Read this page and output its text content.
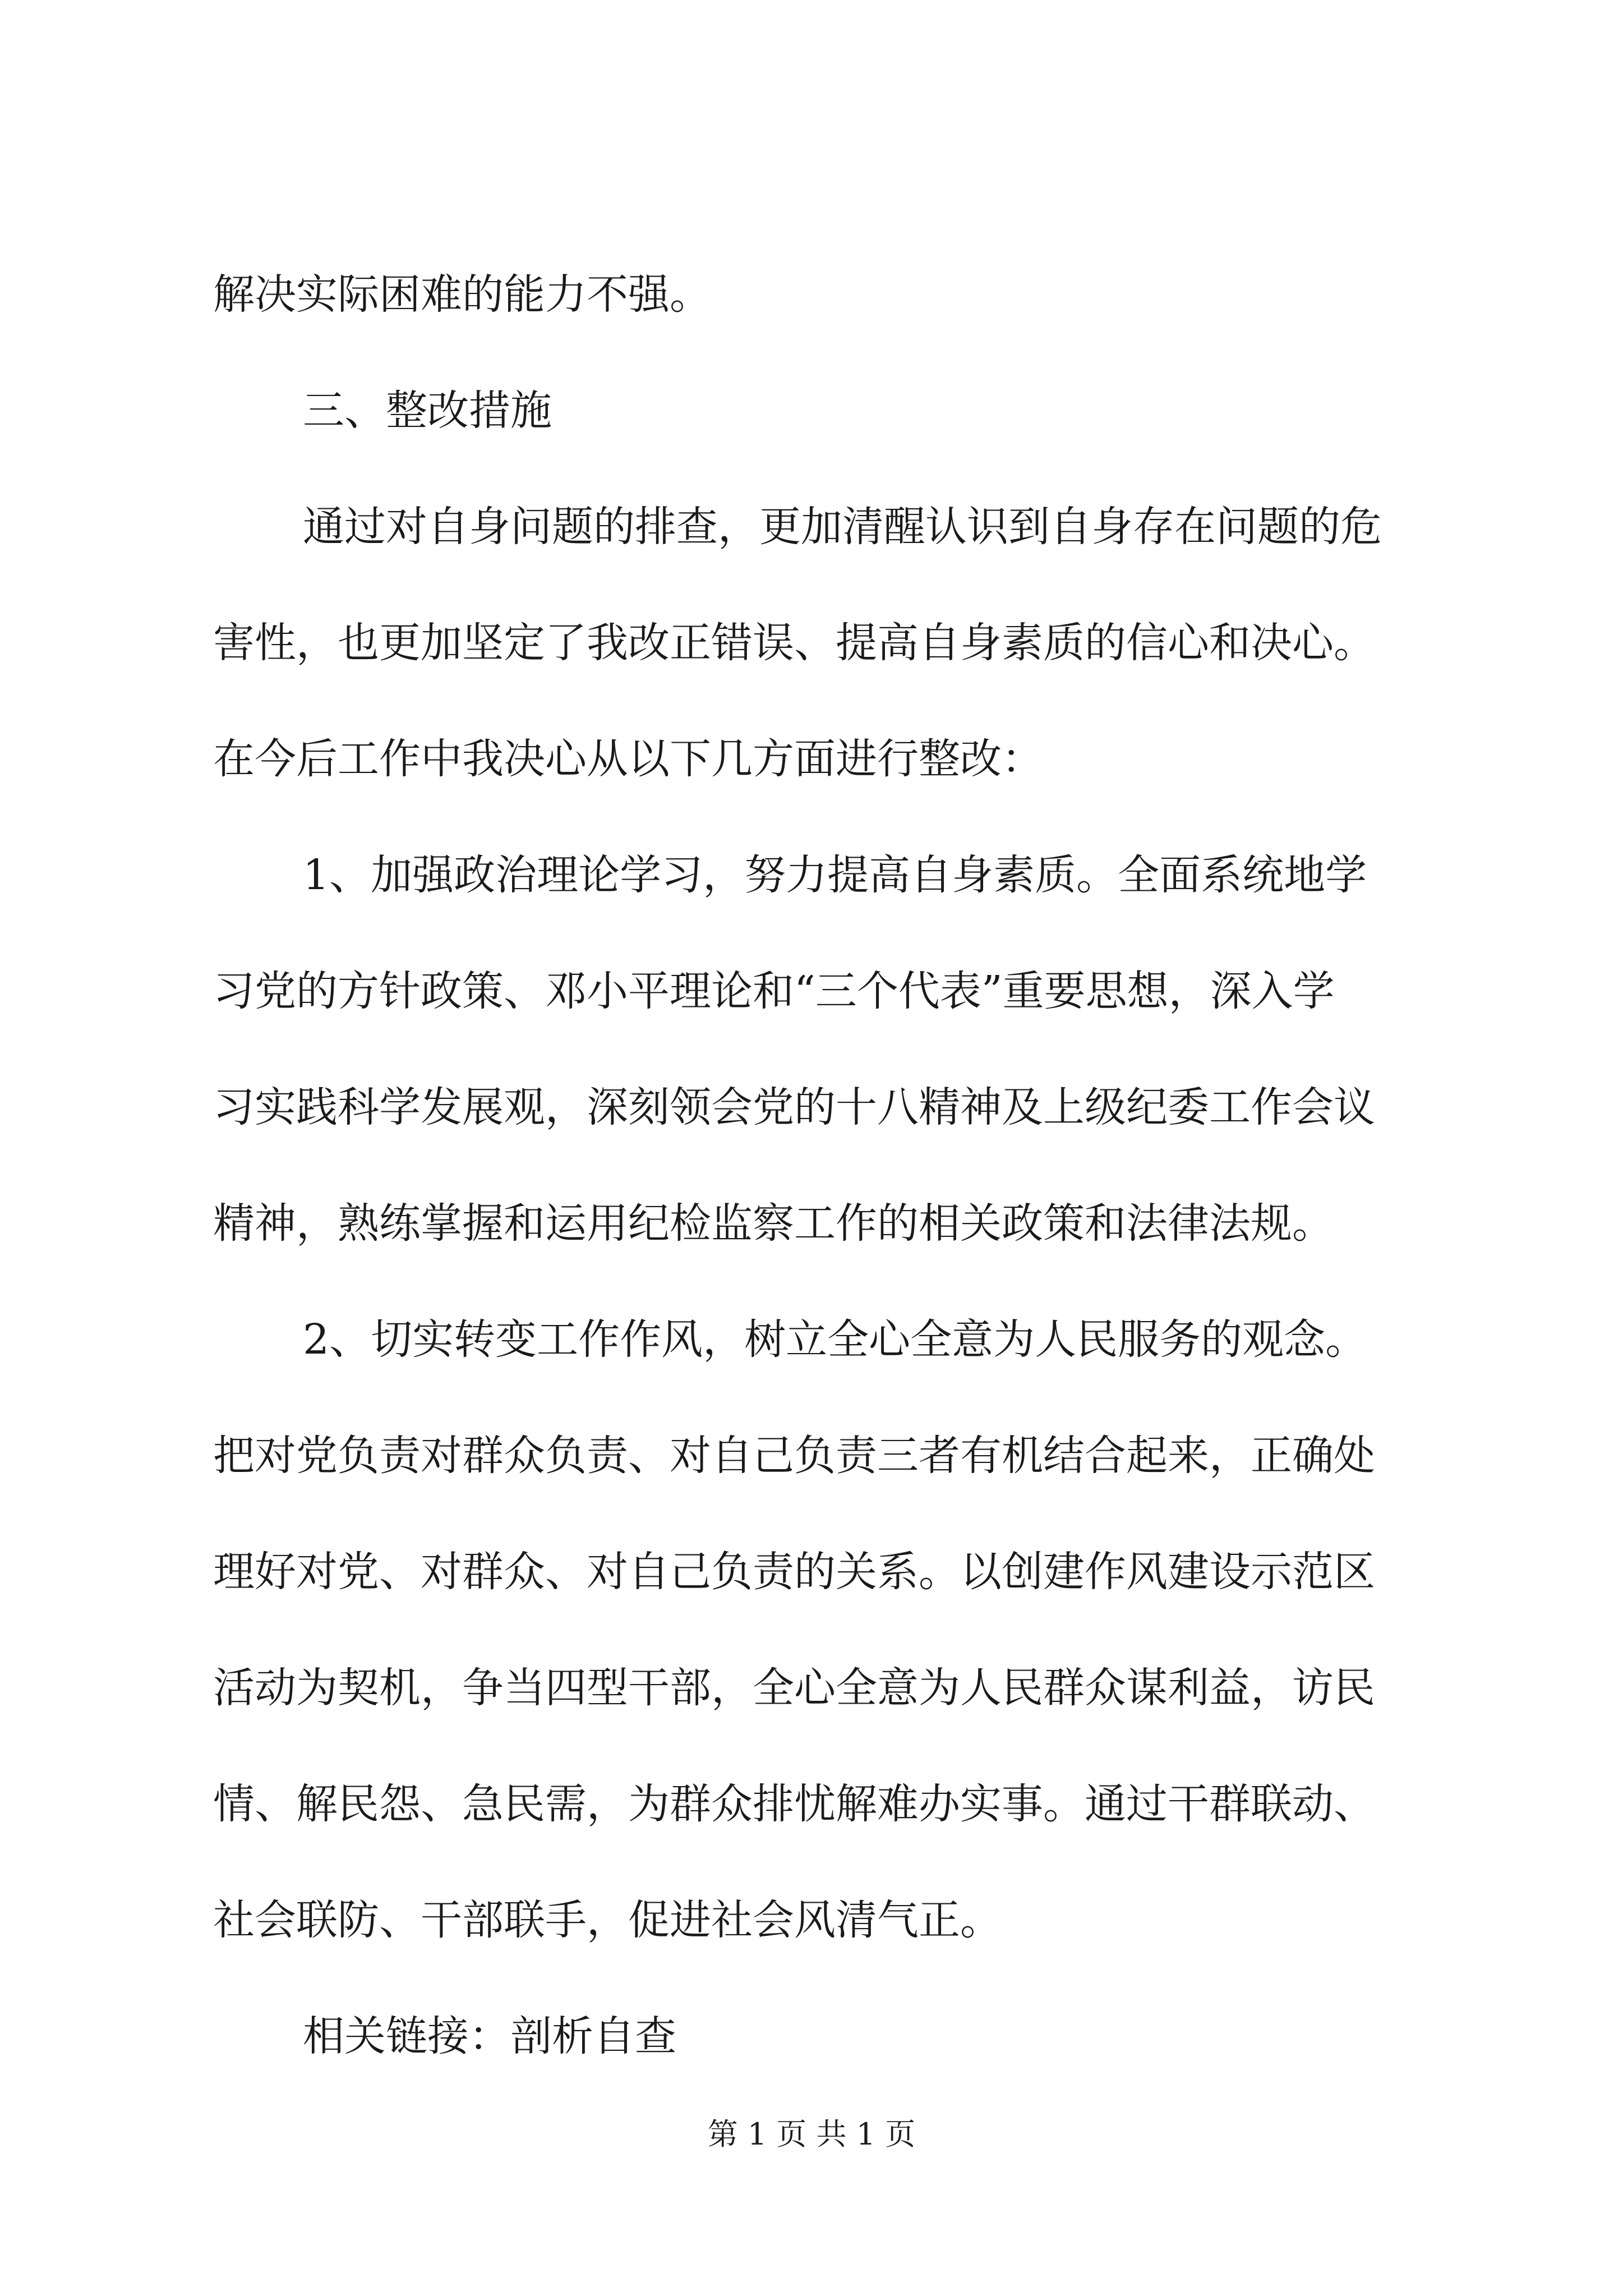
解决实际困难的能力不强。
三、整改措施
通过对自身问题的排查，更加清醒认识到自身存在问题的危
害性，也更加坚定了我改正错误、提高自身素质的信心和决心。
在今后工作中我决心从以下几方面进行整改：
1、加强政治理论学习，努力提高自身素质。全面系统地学
习党的方针政策、邓小平理论和“三个代表”重要思想，深入学
习实践科学发展观，深刻领会党的十八精神及上级纪委工作会议
精神，熟练掌握和运用纪检监察工作的相关政策和法律法规。
2、切实转变工作作风，树立全心全意为人民服务的观念。
把对党负责对群众负责、对自己负责三者有机结合起来，正确处
理好对党、对群众、对自己负责的关系。以创建作风建设示范区
活动为契机，争当四型干部，全心全意为人民群众谋利益，访民
情、解民怨、急民需，为群众排忧解难办实事。通过干群联动、
社会联防、干部联手，促进社会风清气正。
相关链接：剖析自查
第 1 页 共 1 页
